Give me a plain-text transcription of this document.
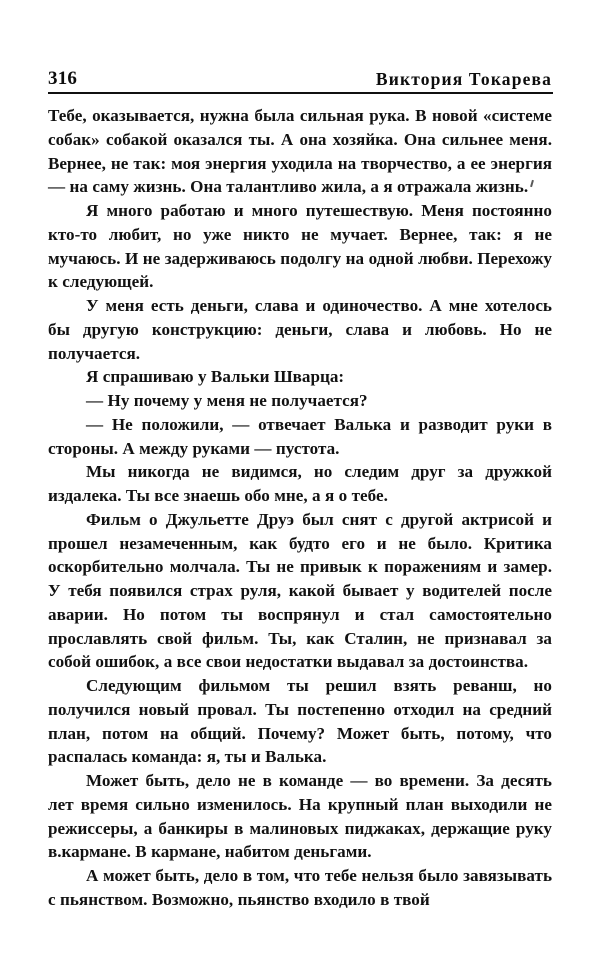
316	Виктория Токарева

Тебе, оказывается, нужна была сильная рука. В новой «системе собак» собакой оказался ты. А она хозяйка. Она сильнее меня. Вернее, не так: моя энергия уходила на творчество, а ее энергия — на саму жизнь. Она талантливо жила, а я отражала жизнь.

Я много работаю и много путешествую. Меня постоянно кто-то любит, но уже никто не мучает. Вернее, так: я не мучаюсь. И не задерживаюсь подолгу на одной любви. Перехожу к следующей.

У меня есть деньги, слава и одиночество. А мне хотелось бы другую конструкцию: деньги, слава и любовь. Но не получается.

Я спрашиваю у Вальки Шварца:

— Ну почему у меня не получается?

— Не положили, — отвечает Валька и разводит руки в стороны. А между руками — пустота.

Мы никогда не видимся, но следим друг за дружкой издалека. Ты все знаешь обо мне, а я о тебе.

Фильм о Джульетте Друэ был снят с другой актрисой и прошел незамеченным, как будто его и не было. Критика оскорбительно молчала. Ты не привык к поражениям и замер. У тебя появился страх руля, какой бывает у водителей после аварии. Но потом ты воспрянул и стал самостоятельно прославлять свой фильм. Ты, как Сталин, не признавал за собой ошибок, а все свои недостатки выдавал за достоинства.

Следующим фильмом ты решил взять реванш, но получился новый провал. Ты постепенно отходил на средний план, потом на общий. Почему? Может быть, потому, что распалась команда: я, ты и Валька.

Может быть, дело не в команде — во времени. За десять лет время сильно изменилось. На крупный план выходили не режиссеры, а банкиры в малиновых пиджаках, держащие руку в.кармане. В кармане, набитом деньгами.

А может быть, дело в том, что тебе нельзя было завязывать с пьянством. Возможно, пьянство входило в твой
